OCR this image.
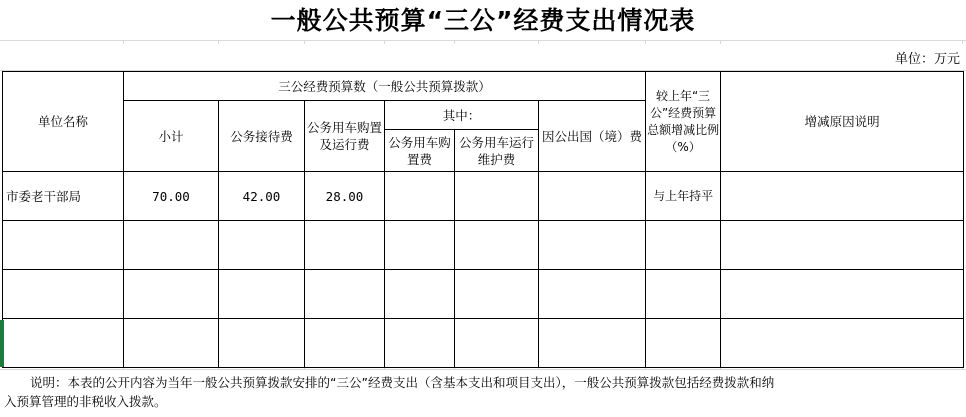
一般公共预算“三公”经费支出情况表
单位：万元
单位名称	三公经费预算数（一般公共预算拨款）						较上年“三公”经费预算总额增减比例（%）	增减原因说明
	小计	公务接待费	公务用车购置及运行费	其中：		因公出国（境）费		
				公务用车购置费	公务用车运行维护费			
市委老干部局	70.00	42.00	28.00				与上年持平	

说明：本表的公开内容为当年一般公共预算拨款安排的“三公”经费支出（含基本支出和项目支出），一般公共预算拨款包括经费拨款和纳
入预算管理的非税收入拨款。
